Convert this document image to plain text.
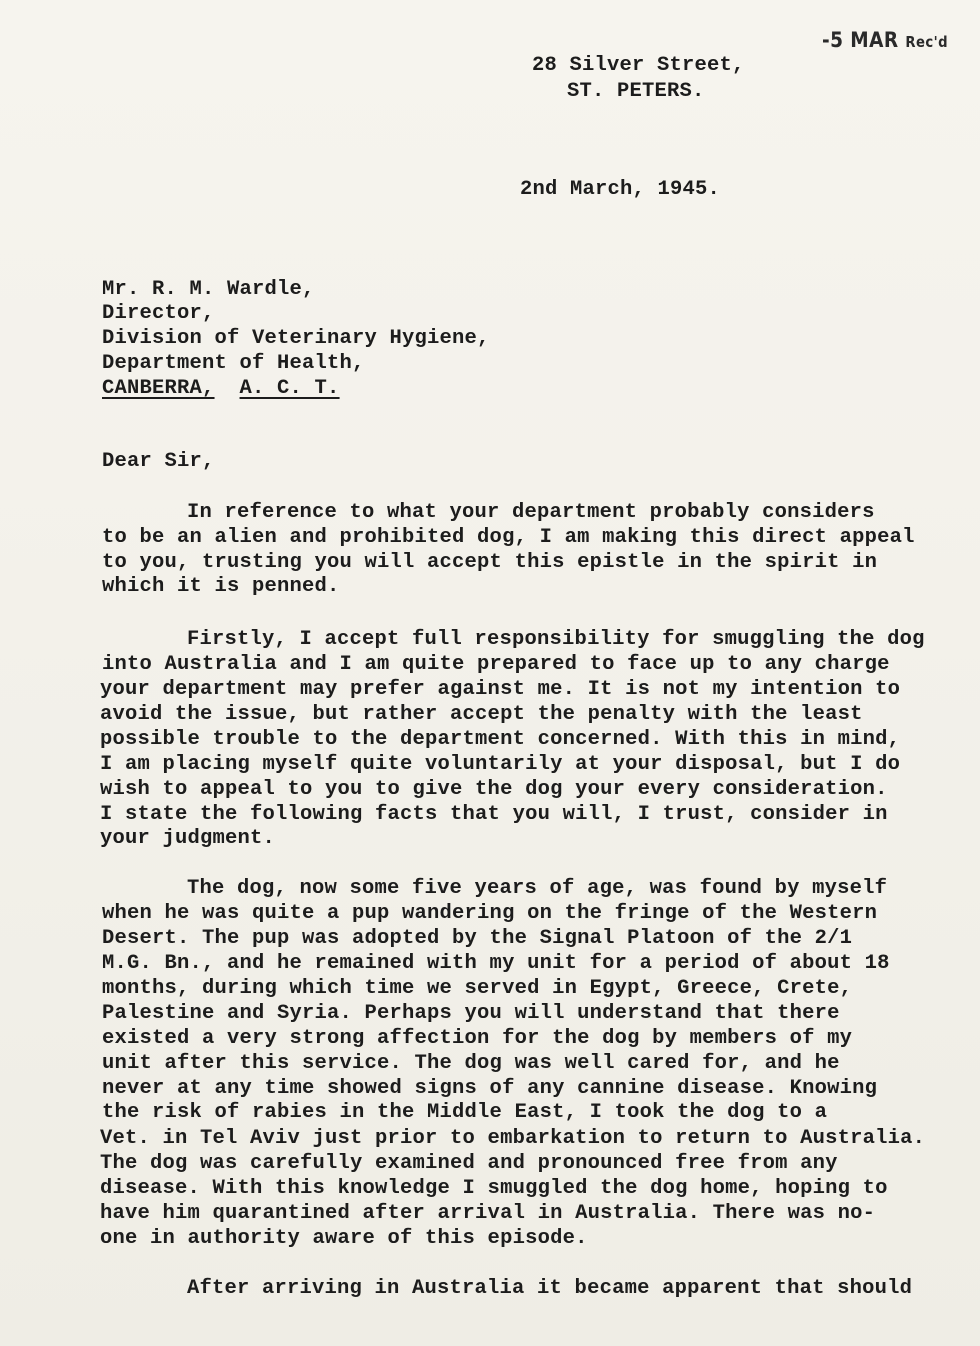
-5 MAR Rec'd
28 Silver Street,
ST. PETERS.
2nd March, 1945.
Mr. R. M. Wardle,
Director,
Division of Veterinary Hygiene,
Department of Health,
CANBERRA, A. C. T.
Dear Sir,
In reference to what your department probably considers
to be an alien and prohibited dog, I am making this direct appeal
to you, trusting you will accept this epistle in the spirit in
which it is penned.
Firstly, I accept full responsibility for smuggling the dog
into Australia and I am quite prepared to face up to any charge
your department may prefer against me. It is not my intention to
avoid the issue, but rather accept the penalty with the least
possible trouble to the department concerned. With this in mind,
I am placing myself quite voluntarily at your disposal, but I do
wish to appeal to you to give the dog your every consideration.
I state the following facts that you will, I trust, consider in
your judgment.
The dog, now some five years of age, was found by myself
when he was quite a pup wandering on the fringe of the Western
Desert. The pup was adopted by the Signal Platoon of the 2/1
M.G. Bn., and he remained with my unit for a period of about 18
months, during which time we served in Egypt, Greece, Crete,
Palestine and Syria. Perhaps you will understand that there
existed a very strong affection for the dog by members of my
unit after this service. The dog was well cared for, and he
never at any time showed signs of any cannine disease. Knowing
the risk of rabies in the Middle East, I took the dog to a
Vet. in Tel Aviv just prior to embarkation to return to Australia.
The dog was carefully examined and pronounced free from any
disease. With this knowledge I smuggled the dog home, hoping to
have him quarantined after arrival in Australia. There was no-
one in authority aware of this episode.
After arriving in Australia it became apparent that should
